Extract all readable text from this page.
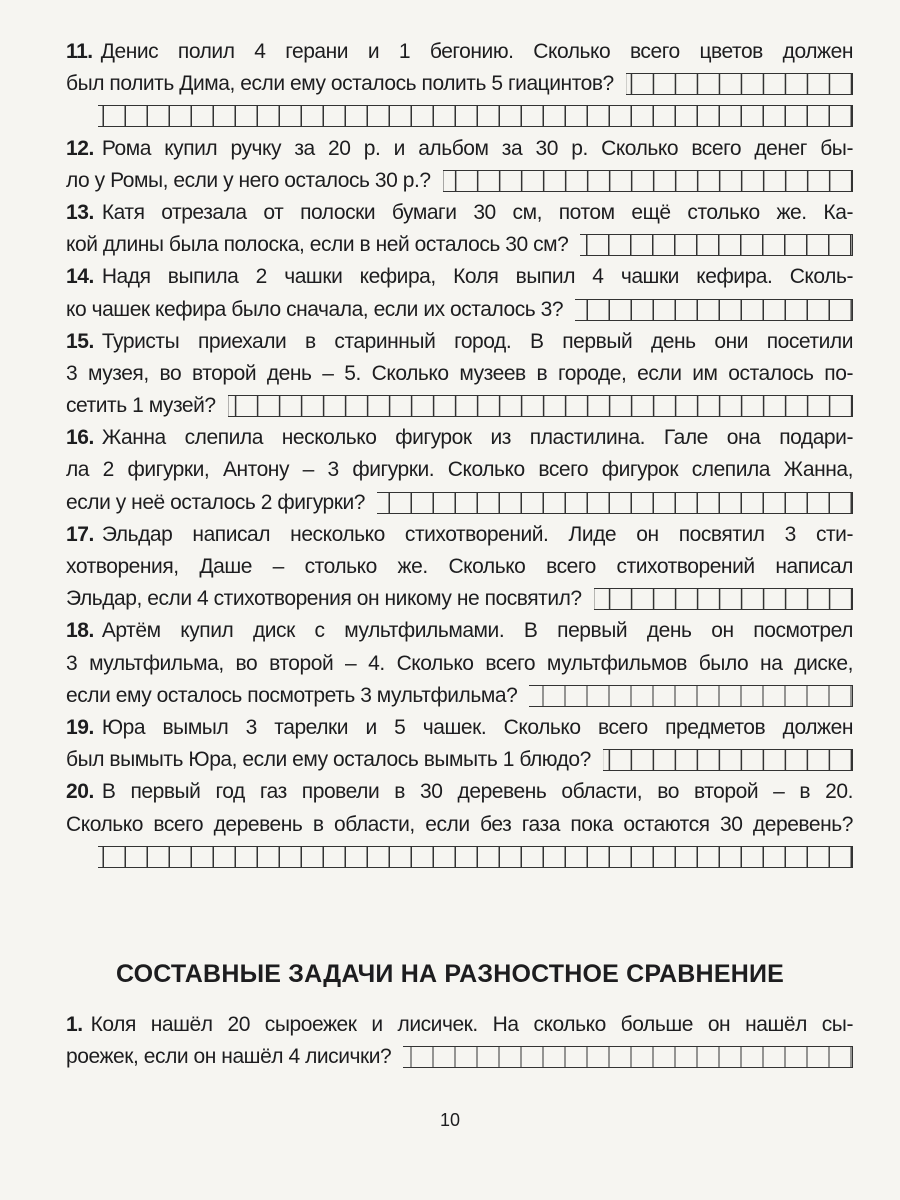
11. Денис полил 4 герани и 1 бегонию. Сколько всего цветов должен
был полить Дима, если ему осталось полить 5 гиацинтов?
12. Рома купил ручку за 20 р. и альбом за 30 р. Сколько всего денег бы-
ло у Ромы, если у него осталось 30 р.?
13. Катя отрезала от полоски бумаги 30 см, потом ещё столько же. Ка-
кой длины была полоска, если в ней осталось 30 см?
14. Надя выпила 2 чашки кефира, Коля выпил 4 чашки кефира. Сколь-
ко чашек кефира было сначала, если их осталось 3?
15. Туристы приехали в старинный город. В первый день они посетили
3 музея, во второй день – 5. Сколько музеев в городе, если им осталось по-
сетить 1 музей?
16. Жанна слепила несколько фигурок из пластилина. Гале она подари-
ла 2 фигурки, Антону – 3 фигурки. Сколько всего фигурок слепила Жанна,
если у неё осталось 2 фигурки?
17. Эльдар написал несколько стихотворений. Лиде он посвятил 3 сти-
хотворения, Даше – столько же. Сколько всего стихотворений написал
Эльдар, если 4 стихотворения он никому не посвятил?
18. Артём купил диск с мультфильмами. В первый день он посмотрел
3 мультфильма, во второй – 4. Сколько всего мультфильмов было на диске,
если ему осталось посмотреть 3 мультфильма?
19. Юра вымыл 3 тарелки и 5 чашек. Сколько всего предметов должен
был вымыть Юра, если ему осталось вымыть 1 блюдо?
20. В первый год газ провели в 30 деревень области, во второй – в 20.
Сколько всего деревень в области, если без газа пока остаются 30 деревень?
СОСТАВНЫЕ ЗАДАЧИ НА РАЗНОСТНОЕ СРАВНЕНИЕ
1. Коля нашёл 20 сыроежек и лисичек. На сколько больше он нашёл сы-
роежек, если он нашёл 4 лисички?
10
